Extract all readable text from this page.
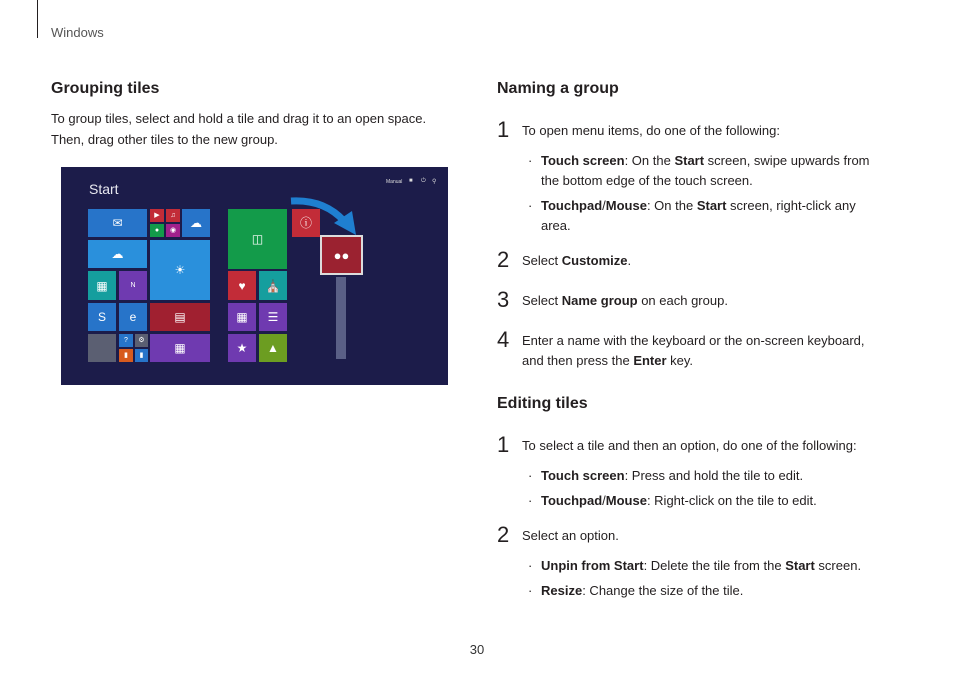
Windows
Grouping tiles
To group tiles, select and hold a tile and drag it to an open space.
Then, drag other tiles to the new group.
Start	Manual ■ ⏻ ⚲
✉
▶	♫
●	◉
☁
☁
☀
▦	N
S	e	▤
?	⚙
▮	▮
▦
◫
♥	⛪
▦	☰
★	▲
ⓘ
●●
Naming a group
1 To open menu items, do one of the following:
· Touch screen: On the Start screen, swipe upwards from
the bottom edge of the touch screen.
· Touchpad/Mouse: On the Start screen, right-click any
area.
2 Select Customize.
3 Select Name group on each group.
4 Enter a name with the keyboard or the on-screen keyboard,
and then press the Enter key.
Editing tiles
1 To select a tile and then an option, do one of the following:
· Touch screen: Press and hold the tile to edit.
· Touchpad/Mouse: Right-click on the tile to edit.
2 Select an option.
· Unpin from Start: Delete the tile from the Start screen.
· Resize: Change the size of the tile.
30
